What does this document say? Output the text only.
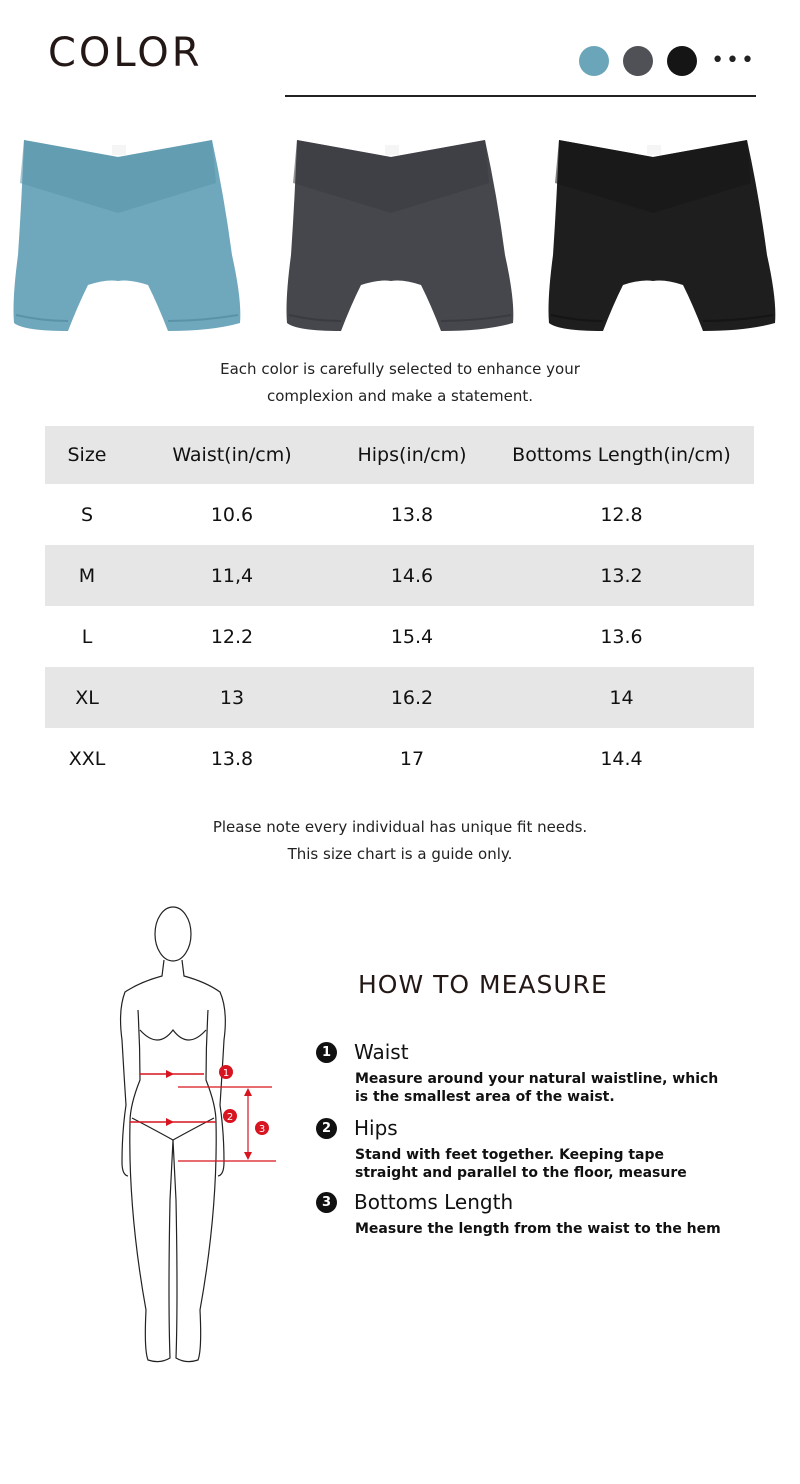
COLOR	•••
Each color is carefully selected to enhance your
complexion and make a statement.
Size	Waist(in/cm)	Hips(in/cm)	Bottoms Length(in/cm)
S	10.6	13.8	12.8
M	11,4	14.6	13.2
L	12.2	15.4	13.6
XL	13	16.2	14
XXL	13.8	17	14.4
Please note every individual has unique fit needs.
This size chart is a guide only.
1
2
3
HOW TO MEASURE
1 Waist
Measure around your natural waistline, which
is the smallest area of the waist.
2 Hips
Stand with feet together. Keeping tape
straight and parallel to the floor, measure
3 Bottoms Length
Measure the length from the waist to the hem
